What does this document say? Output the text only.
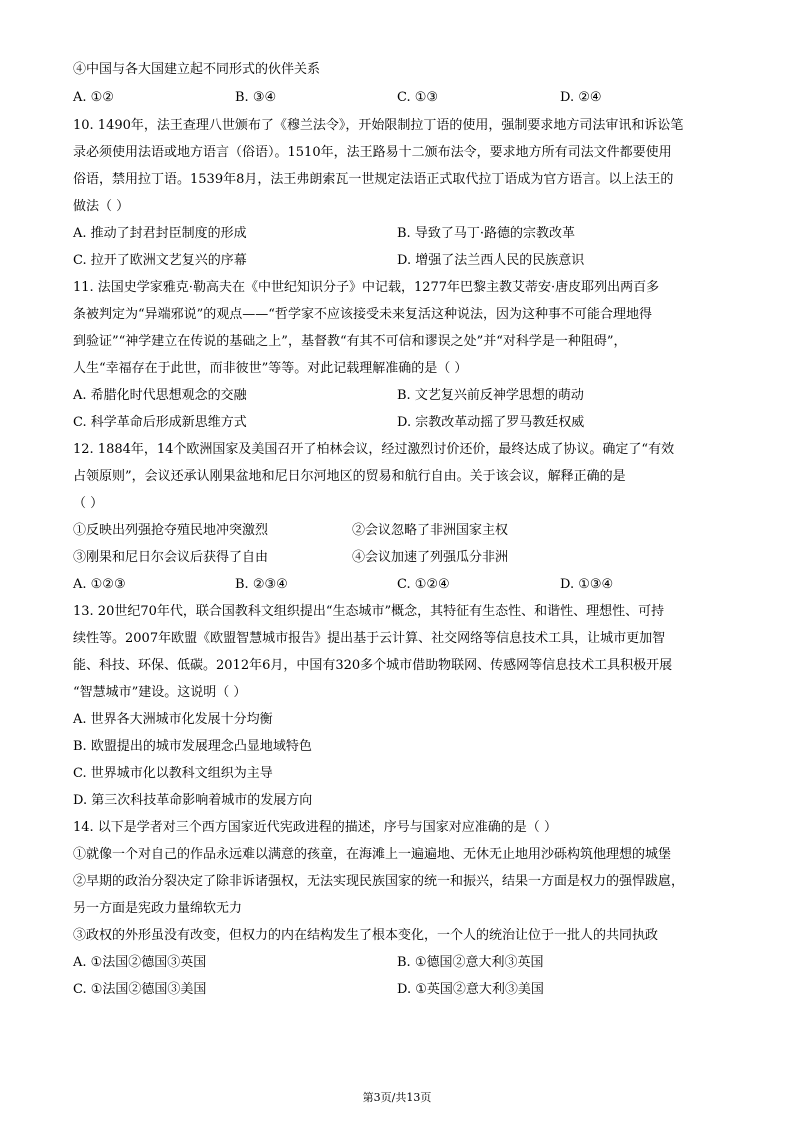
④中国与各大国建立起不同形式的伙伴关系
A. ①②	B. ③④	C. ①③	D. ②④
10. 1490年，法王查理八世颁布了《穆兰法令》，开始限制拉丁语的使用，强制要求地方司法审讯和诉讼笔
录必须使用法语或地方语言（俗语）。1510年，法王路易十二颁布法令，要求地方所有司法文件都要使用
俗语，禁用拉丁语。1539年8月，法王弗朗索瓦一世规定法语正式取代拉丁语成为官方语言。以上法王的
做法（ ）
A. 推动了封君封臣制度的形成	B. 导致了马丁·路德的宗教改革
C. 拉开了欧洲文艺复兴的序幕	D. 增强了法兰西人民的民族意识
11. 法国史学家雅克·勒高夫在《中世纪知识分子》中记载，1277年巴黎主教艾蒂安·唐皮耶列出两百多
条被判定为“异端邪说”的观点——“哲学家不应该接受未来复活这种说法，因为这种事不可能合理地得
到验证”“神学建立在传说的基础之上”，基督教“有其不可信和谬误之处”并“对科学是一种阻碍”，
人生“幸福存在于此世，而非彼世”等等。对此记载理解准确的是（ ）
A. 希腊化时代思想观念的交融	B. 文艺复兴前反神学思想的萌动
C. 科学革命后形成新思维方式	D. 宗教改革动摇了罗马教廷权威
12. 1884年，14个欧洲国家及美国召开了柏林会议，经过激烈讨价还价，最终达成了协议。确定了“有效
占领原则”，会议还承认刚果盆地和尼日尔河地区的贸易和航行自由。关于该会议，解释正确的是
（ ）
①反映出列强抢夺殖民地冲突激烈	②会议忽略了非洲国家主权
③刚果和尼日尔会议后获得了自由	④会议加速了列强瓜分非洲
A. ①②③	B. ②③④	C. ①②④	D. ①③④
13. 20世纪70年代，联合国教科文组织提出“生态城市”概念，其特征有生态性、和谐性、理想性、可持
续性等。2007年欧盟《欧盟智慧城市报告》提出基于云计算、社交网络等信息技术工具，让城市更加智
能、科技、环保、低碳。2012年6月，中国有320多个城市借助物联网、传感网等信息技术工具积极开展
“智慧城市”建设。这说明（ ）
A. 世界各大洲城市化发展十分均衡
B. 欧盟提出的城市发展理念凸显地域特色
C. 世界城市化以教科文组织为主导
D. 第三次科技革命影响着城市的发展方向
14. 以下是学者对三个西方国家近代宪政进程的描述，序号与国家对应准确的是（ ）
①就像一个对自己的作品永远难以满意的孩童，在海滩上一遍遍地、无休无止地用沙砾构筑他理想的城堡
②早期的政治分裂决定了除非诉诸强权，无法实现民族国家的统一和振兴，结果一方面是权力的强悍跋扈，
另一方面是宪政力量绵软无力
③政权的外形虽没有改变，但权力的内在结构发生了根本变化，一个人的统治让位于一批人的共同执政
A. ①法国②德国③英国	B. ①德国②意大利③英国
C. ①法国②德国③美国	D. ①英国②意大利③美国
第3页/共13页
